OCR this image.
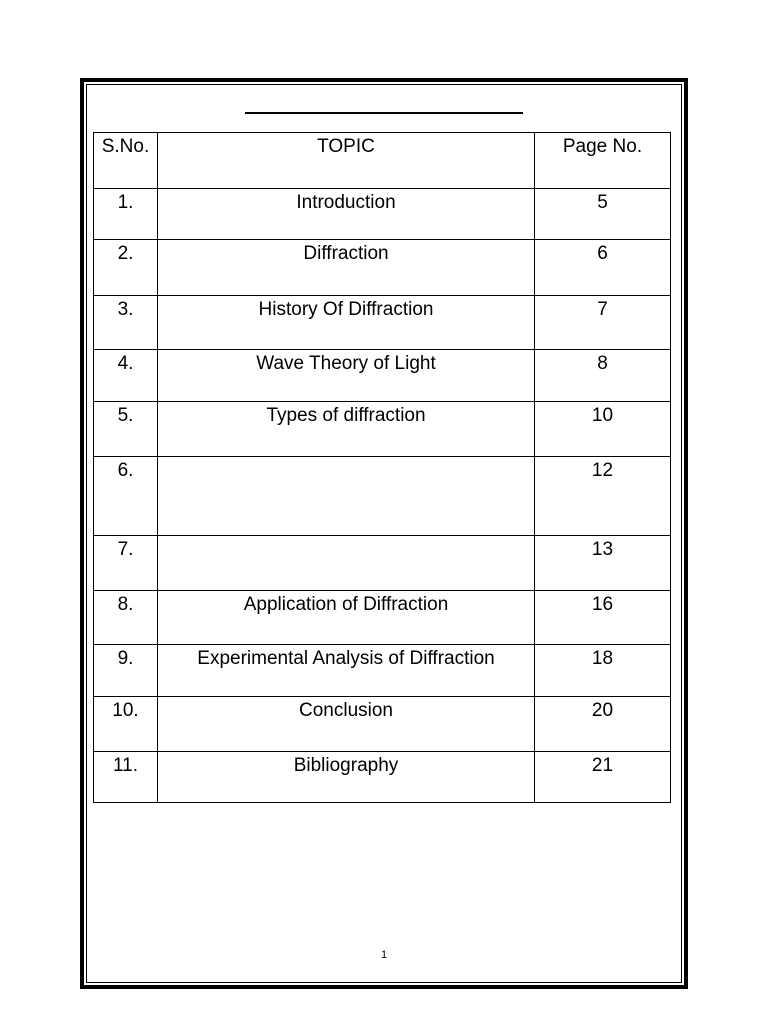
S.No.	TOPIC	Page No.
1.	Introduction	5
2.	Diffraction	6
3.	History Of Diffraction	7
4.	Wave Theory of Light	8
5.	Types of diffraction	10
6.		12
7.		13
8.	Application of Diffraction	16
9.	Experimental Analysis of Diffraction	18
10.	Conclusion	20
11.	Bibliography	21
1
